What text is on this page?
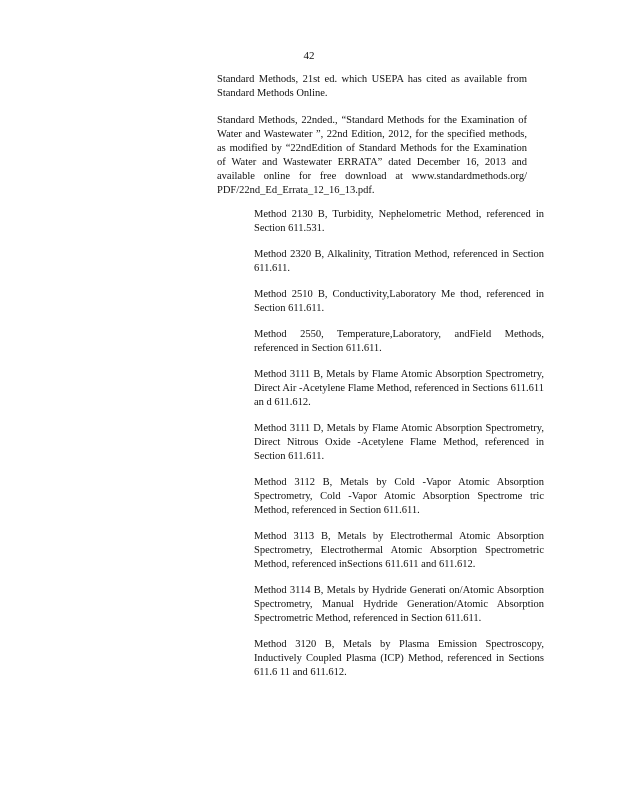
42

Standard Methods, 21st ed. which USEPA has cited as available from Standard Methods Online.

Standard Methods, 22nded., “Standard Methods for the Examination of Water and Wastewater ”, 22nd Edition, 2012, for the specified methods, as modified by “22ndEdition of Standard Methods for the Examination of Water and Wastewater ERRATA” dated December 16, 2013 and available online for free download at www.standardmethods.org/ PDF/22nd_Ed_Errata_12_16_13.pdf.

Method 2130 B, Turbidity, Nephelometric Method, referenced in Section 611.531.
Method 2320 B, Alkalinity, Titration Method, referenced in Section 611.611.
Method 2510 B, Conductivity,Laboratory Me thod, referenced in Section 611.611.
Method 2550, Temperature,Laboratory, andField Methods, referenced in Section 611.611.
Method 3111 B, Metals by Flame Atomic Absorption Spectrometry, Direct Air -Acetylene Flame Method, referenced in Sections 611.611 an d 611.612.
Method 3111 D, Metals by Flame Atomic Absorption Spectrometry, Direct Nitrous Oxide -Acetylene Flame Method, referenced in Section 611.611.
Method 3112 B, Metals by Cold -Vapor Atomic Absorption Spectrometry, Cold -Vapor Atomic Absorption Spectrome tric Method, referenced in Section 611.611.
Method 3113 B, Metals by Electrothermal Atomic Absorption Spectrometry, Electrothermal Atomic Absorption Spectrometric Method, referenced inSections 611.611 and 611.612.
Method 3114 B, Metals by Hydride Generati on/Atomic Absorption Spectrometry, Manual Hydride Generation/Atomic Absorption Spectrometric Method, referenced in Section 611.611.
Method 3120 B, Metals by Plasma Emission Spectroscopy, Inductively Coupled Plasma (ICP) Method, referenced in Sections 611.6 11 and 611.612.
